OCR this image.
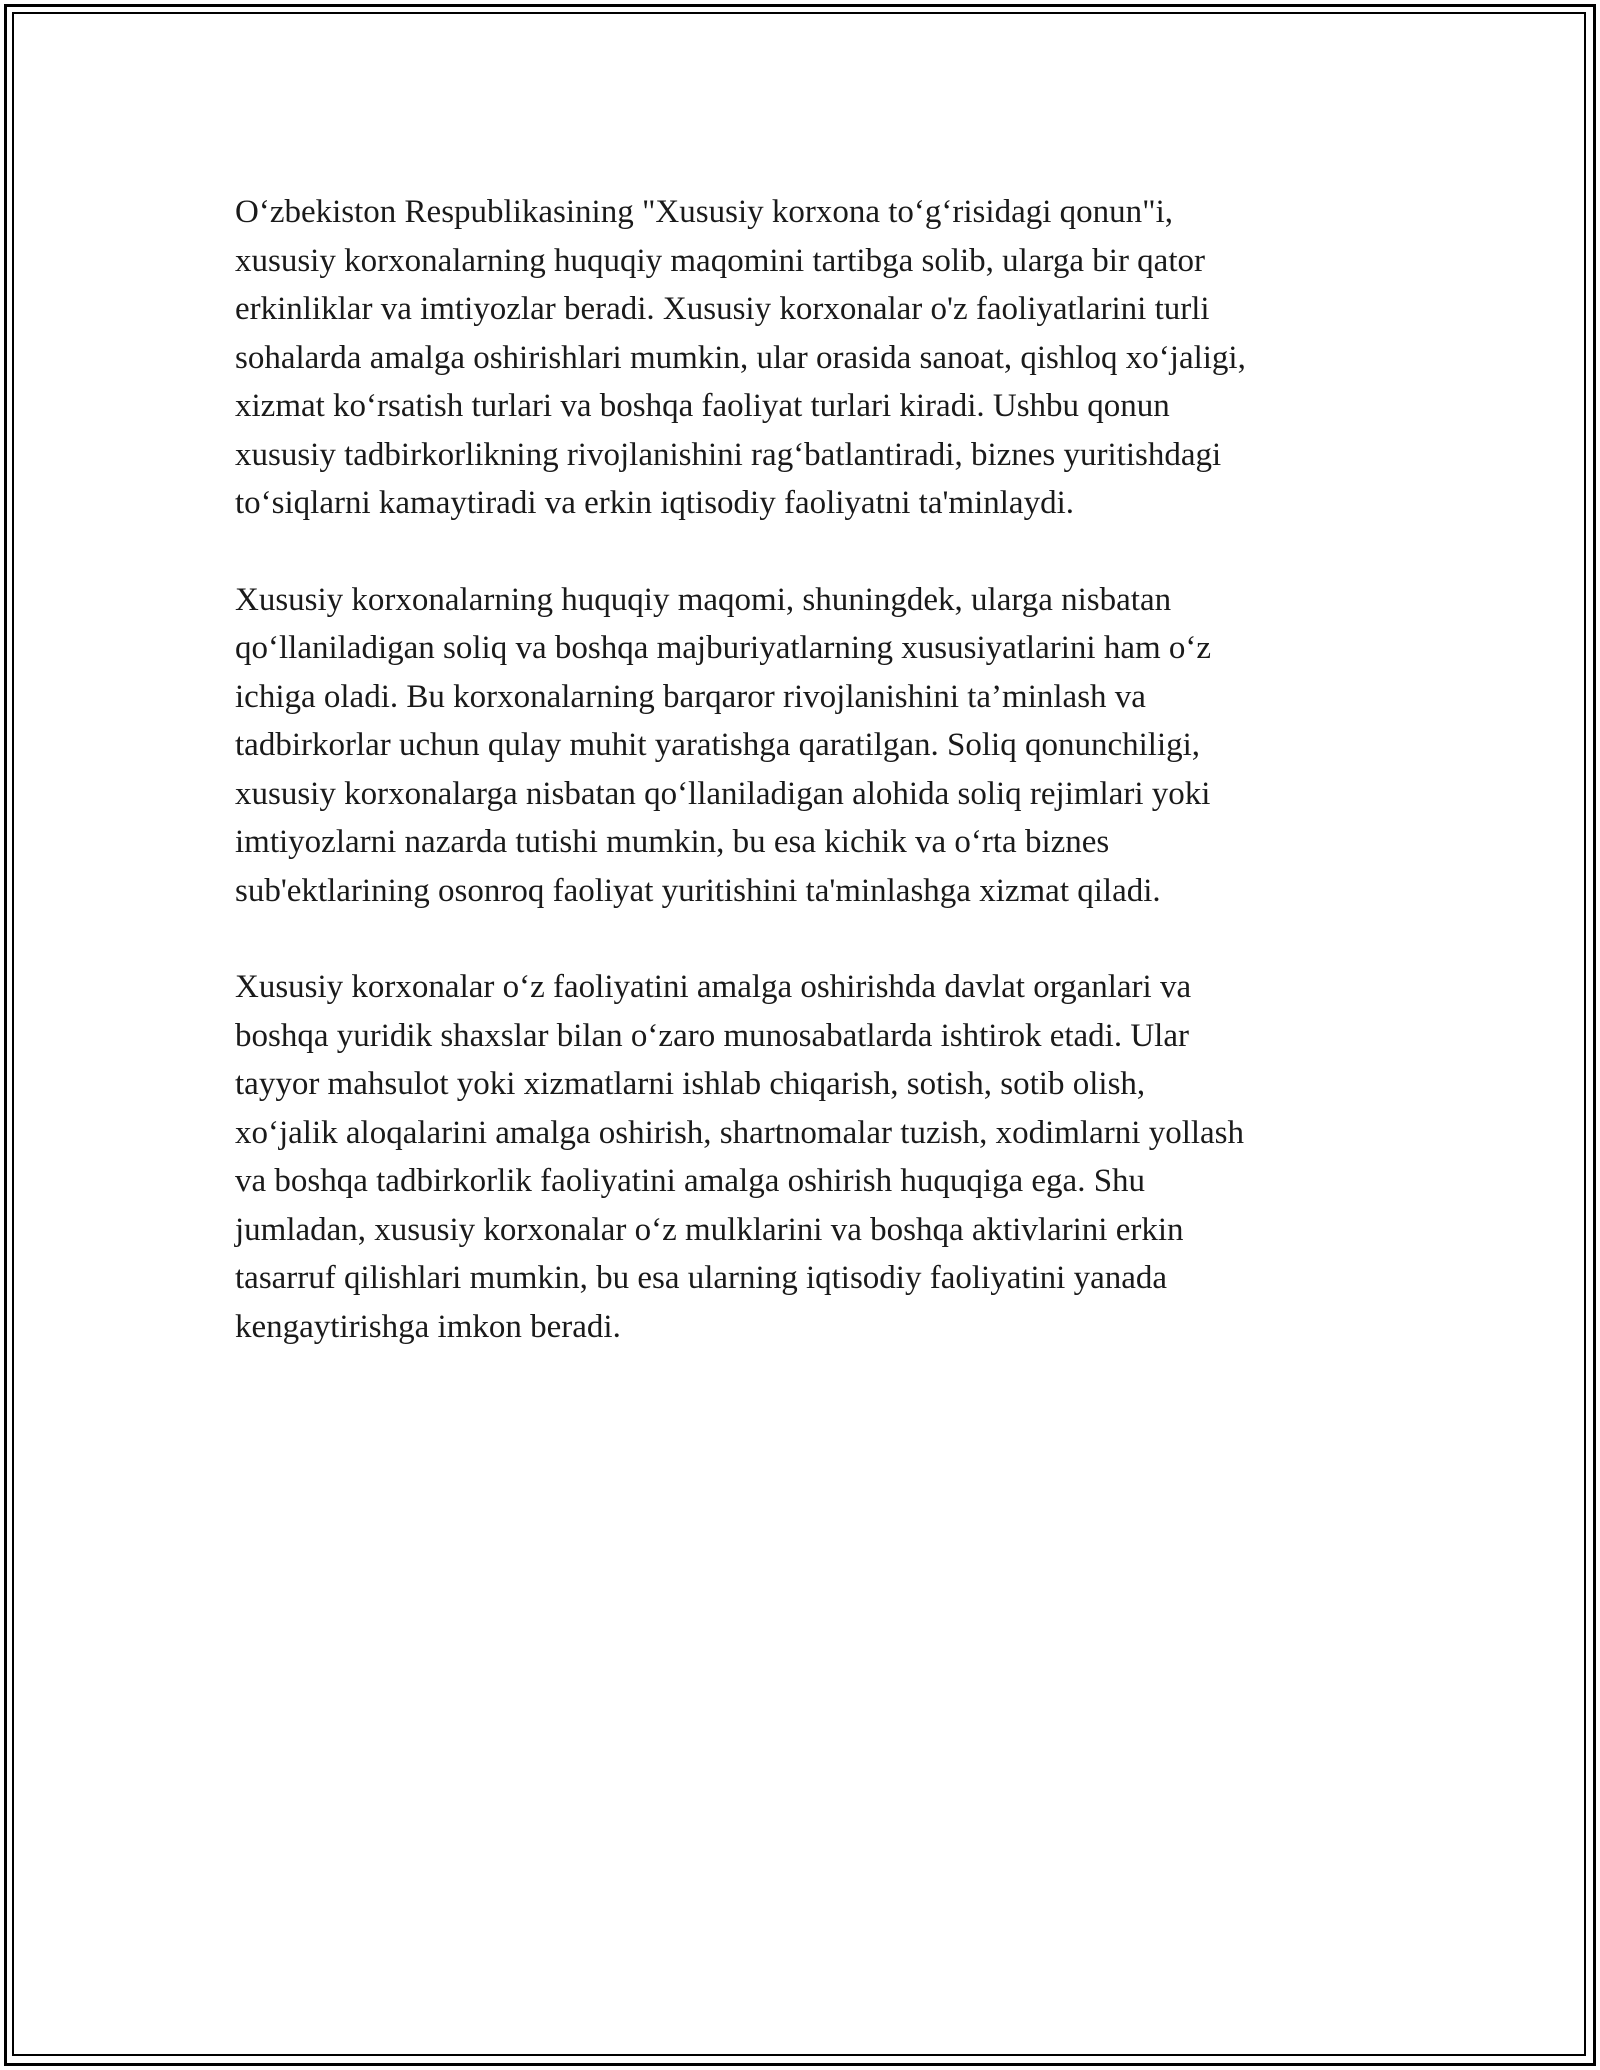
O‘zbekiston Respublikasining "Xususiy korxona to‘g‘risidagi qonun"i,
xususiy korxonalarning huquqiy maqomini tartibga solib, ularga bir qator
erkinliklar va imtiyozlar beradi. Xususiy korxonalar o'z faoliyatlarini turli
sohalarda amalga oshirishlari mumkin, ular orasida sanoat, qishloq xo‘jaligi,
xizmat ko‘rsatish turlari va boshqa faoliyat turlari kiradi. Ushbu qonun
xususiy tadbirkorlikning rivojlanishini rag‘batlantiradi, biznes yuritishdagi
to‘siqlarni kamaytiradi va erkin iqtisodiy faoliyatni ta'minlaydi.

Xususiy korxonalarning huquqiy maqomi, shuningdek, ularga nisbatan
qo‘llaniladigan soliq va boshqa majburiyatlarning xususiyatlarini ham o‘z
ichiga oladi. Bu korxonalarning barqaror rivojlanishini ta’minlash va
tadbirkorlar uchun qulay muhit yaratishga qaratilgan. Soliq qonunchiligi,
xususiy korxonalarga nisbatan qo‘llaniladigan alohida soliq rejimlari yoki
imtiyozlarni nazarda tutishi mumkin, bu esa kichik va o‘rta biznes
sub'ektlarining osonroq faoliyat yuritishini ta'minlashga xizmat qiladi.

Xususiy korxonalar o‘z faoliyatini amalga oshirishda davlat organlari va
boshqa yuridik shaxslar bilan o‘zaro munosabatlarda ishtirok etadi. Ular
tayyor mahsulot yoki xizmatlarni ishlab chiqarish, sotish, sotib olish,
xo‘jalik aloqalarini amalga oshirish, shartnomalar tuzish, xodimlarni yollash
va boshqa tadbirkorlik faoliyatini amalga oshirish huquqiga ega. Shu
jumladan, xususiy korxonalar o‘z mulklarini va boshqa aktivlarini erkin
tasarruf qilishlari mumkin, bu esa ularning iqtisodiy faoliyatini yanada
kengaytirishga imkon beradi.
